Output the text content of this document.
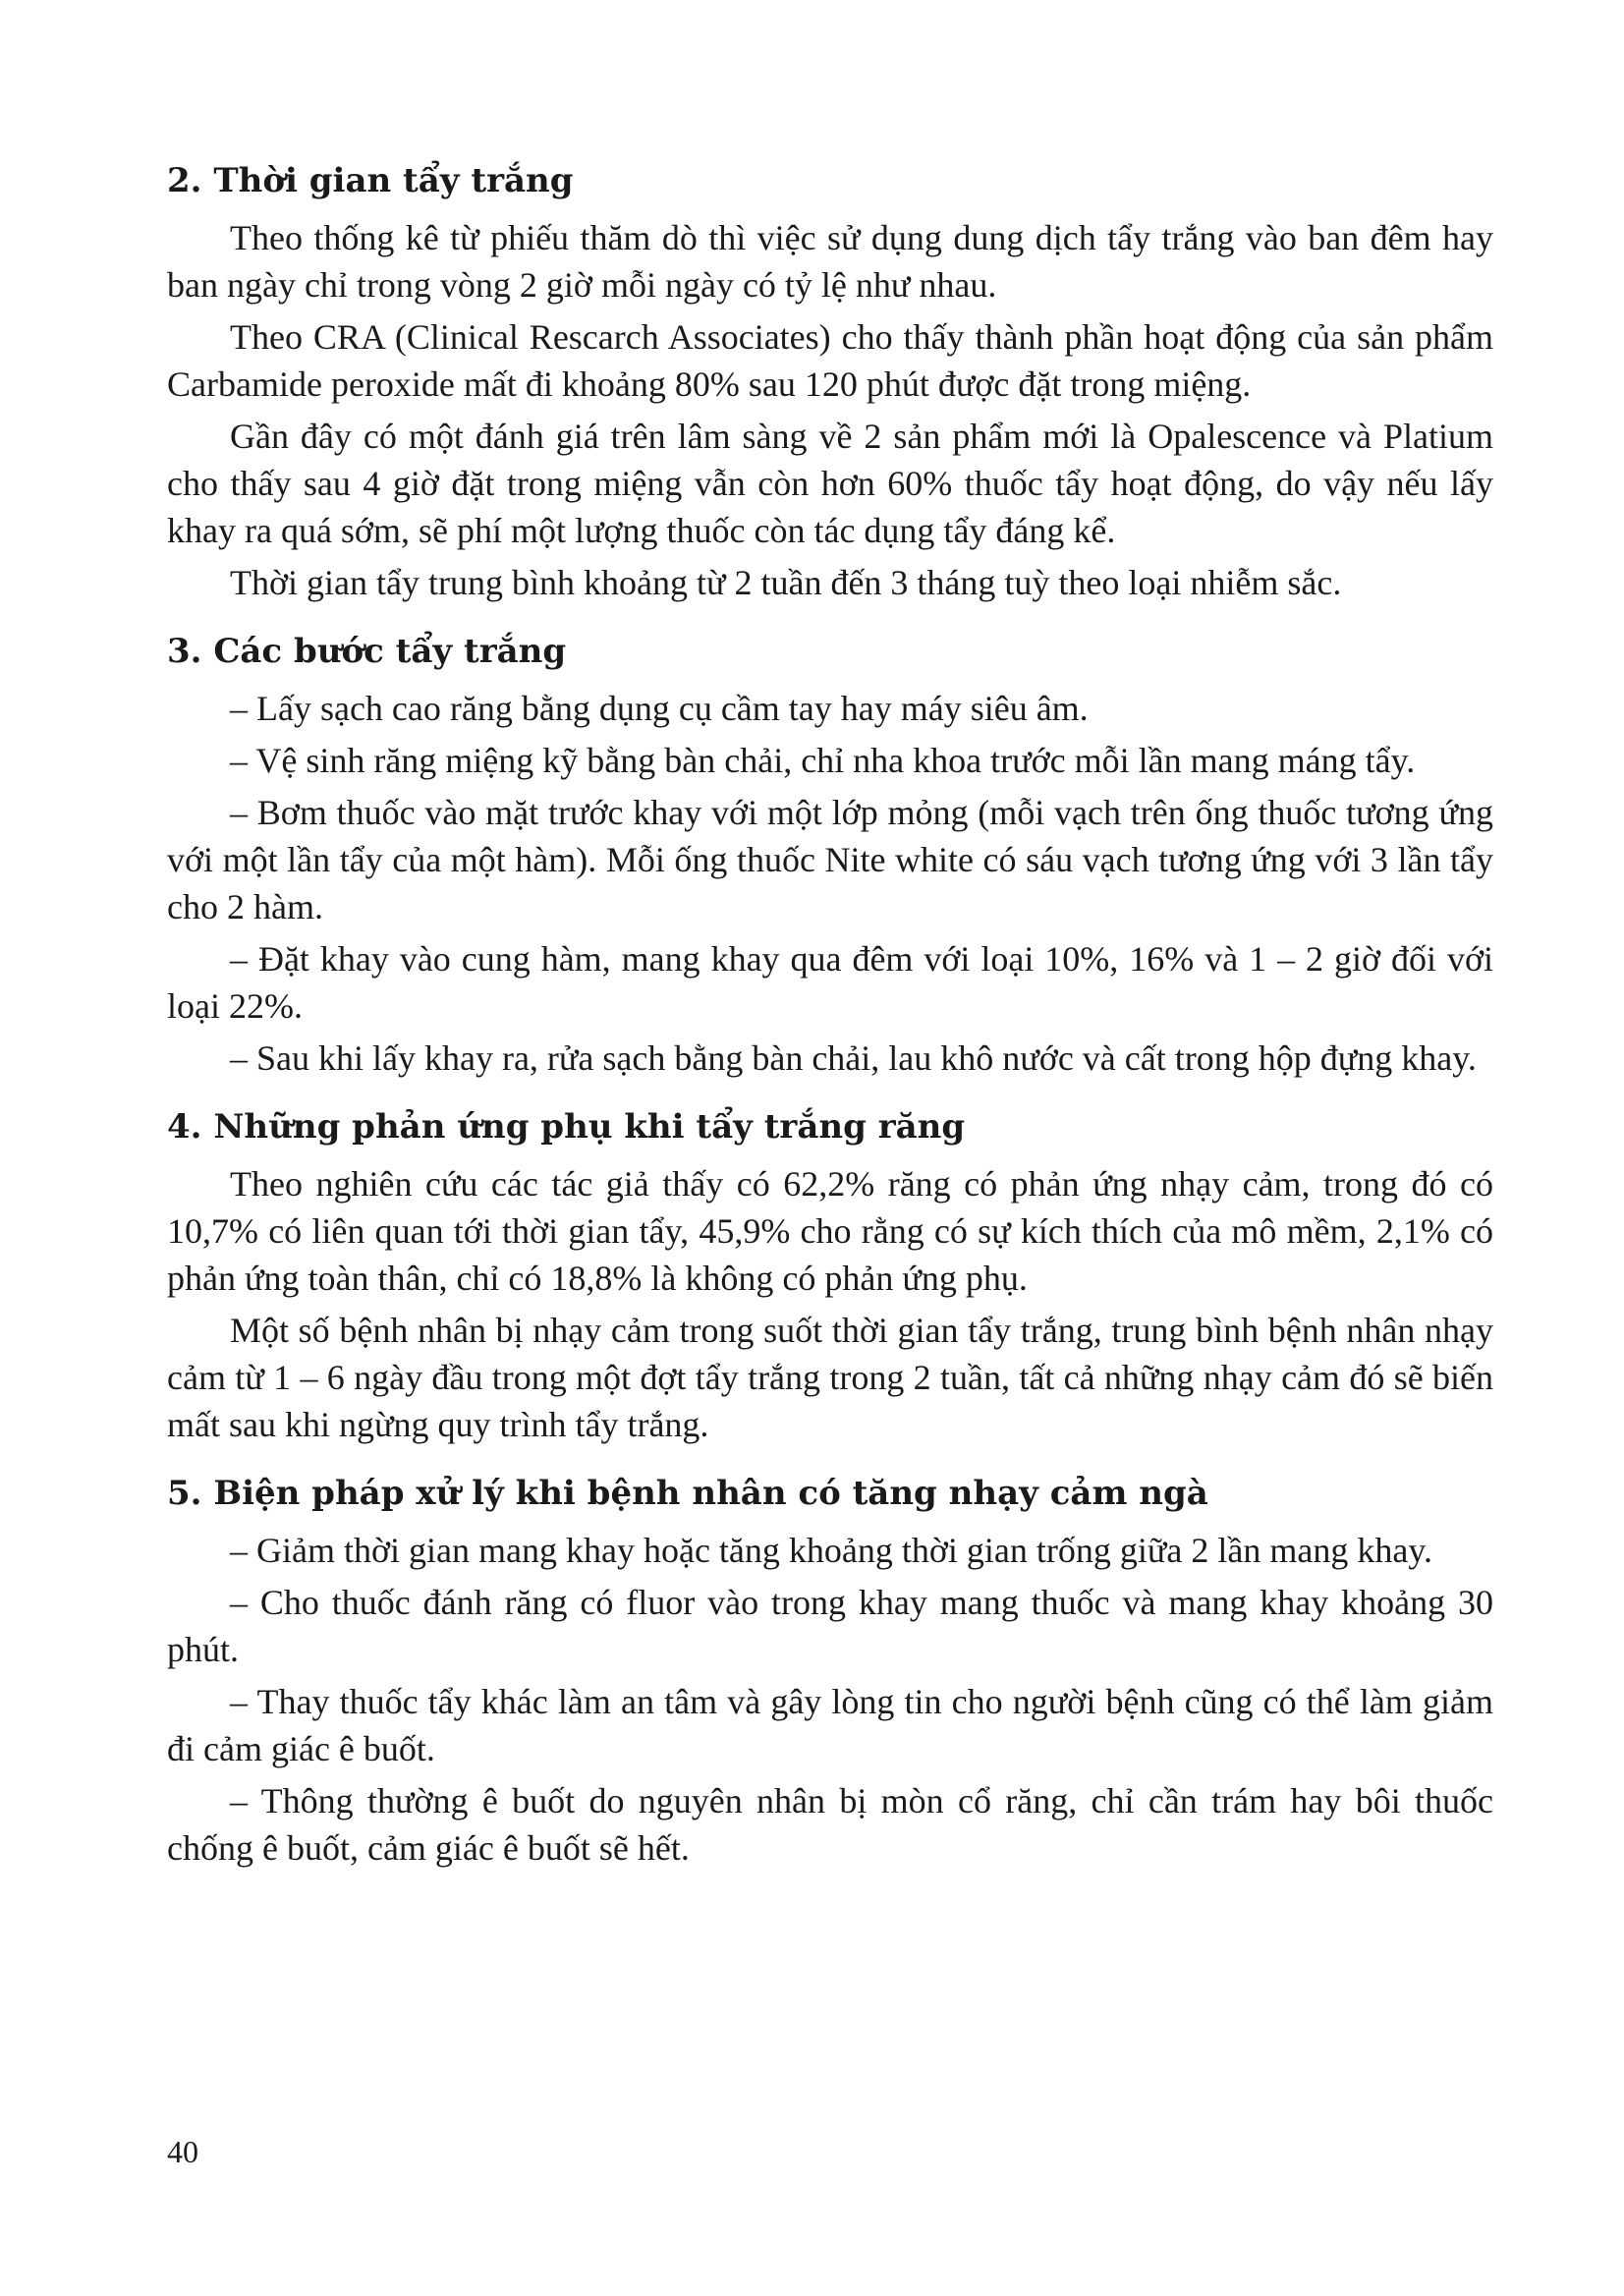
2. Thời gian tẩy trắng

Theo thống kê từ phiếu thăm dò thì việc sử dụng dung dịch tẩy trắng vào ban đêm hay ban ngày chỉ trong vòng 2 giờ mỗi ngày có tỷ lệ như nhau.

Theo CRA (Clinical Rescarch Associates) cho thấy thành phần hoạt động của sản phẩm Carbamide peroxide mất đi khoảng 80% sau 120 phút được đặt trong miệng.

Gần đây có một đánh giá trên lâm sàng về 2 sản phẩm mới là Opalescence và Platium cho thấy sau 4 giờ đặt trong miệng vẫn còn hơn 60% thuốc tẩy hoạt động, do vậy nếu lấy khay ra quá sớm, sẽ phí một lượng thuốc còn tác dụng tẩy đáng kể.

Thời gian tẩy trung bình khoảng từ 2 tuần đến 3 tháng tuỳ theo loại nhiễm sắc.

3. Các bước tẩy trắng

– Lấy sạch cao răng bằng dụng cụ cầm tay hay máy siêu âm.

– Vệ sinh răng miệng kỹ bằng bàn chải, chỉ nha khoa trước mỗi lần mang máng tẩy.

– Bơm thuốc vào mặt trước khay với một lớp mỏng (mỗi vạch trên ống thuốc tương ứng với một lần tẩy của một hàm). Mỗi ống thuốc Nite white có sáu vạch tương ứng với 3 lần tẩy cho 2 hàm.

– Đặt khay vào cung hàm, mang khay qua đêm với loại 10%, 16% và 1 – 2 giờ đối với loại 22%.

– Sau khi lấy khay ra, rửa sạch bằng bàn chải, lau khô nước và cất trong hộp đựng khay.

4. Những phản ứng phụ khi tẩy trắng răng

Theo nghiên cứu các tác giả thấy có 62,2% răng có phản ứng nhạy cảm, trong đó có 10,7% có liên quan tới thời gian tẩy, 45,9% cho rằng có sự kích thích của mô mềm, 2,1% có phản ứng toàn thân, chỉ có 18,8% là không có phản ứng phụ.

Một số bệnh nhân bị nhạy cảm trong suốt thời gian tẩy trắng, trung bình bệnh nhân nhạy cảm từ 1 – 6 ngày đầu trong một đợt tẩy trắng trong 2 tuần, tất cả những nhạy cảm đó sẽ biến mất sau khi ngừng quy trình tẩy trắng.

5. Biện pháp xử lý khi bệnh nhân có tăng nhạy cảm ngà

– Giảm thời gian mang khay hoặc tăng khoảng thời gian trống giữa 2 lần mang khay.

– Cho thuốc đánh răng có fluor vào trong khay mang thuốc và mang khay khoảng 30 phút.

– Thay thuốc tẩy khác làm an tâm và gây lòng tin cho người bệnh cũng có thể làm giảm đi cảm giác ê buốt.

– Thông thường ê buốt do nguyên nhân bị mòn cổ răng, chỉ cần trám hay bôi thuốc chống ê buốt, cảm giác ê buốt sẽ hết.

40
